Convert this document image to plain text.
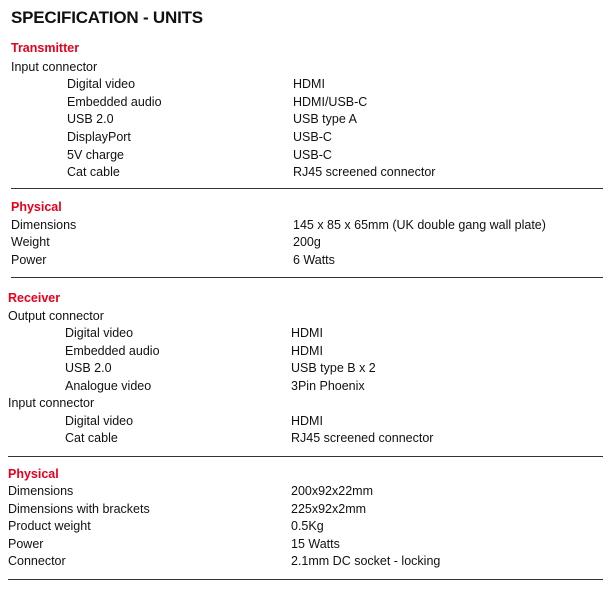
SPECIFICATION - UNITS
Transmitter
Input connector
Digital video	HDMI
Embedded audio	HDMI/USB-C
USB 2.0	USB type A
DisplayPort	USB-C
5V charge	USB-C
Cat cable	RJ45 screened connector
Physical
Dimensions	145 x 85 x 65mm (UK double gang wall plate)
Weight	200g
Power	6 Watts
Receiver
Output connector
Digital video	HDMI
Embedded audio	HDMI
USB 2.0	USB type B x 2
Analogue video	3Pin Phoenix
Input connector
Digital video	HDMI
Cat cable	RJ45 screened connector
Physical
Dimensions	200x92x22mm
Dimensions with brackets	225x92x2mm
Product weight	0.5Kg
Power	15 Watts
Connector	2.1mm DC socket - locking
